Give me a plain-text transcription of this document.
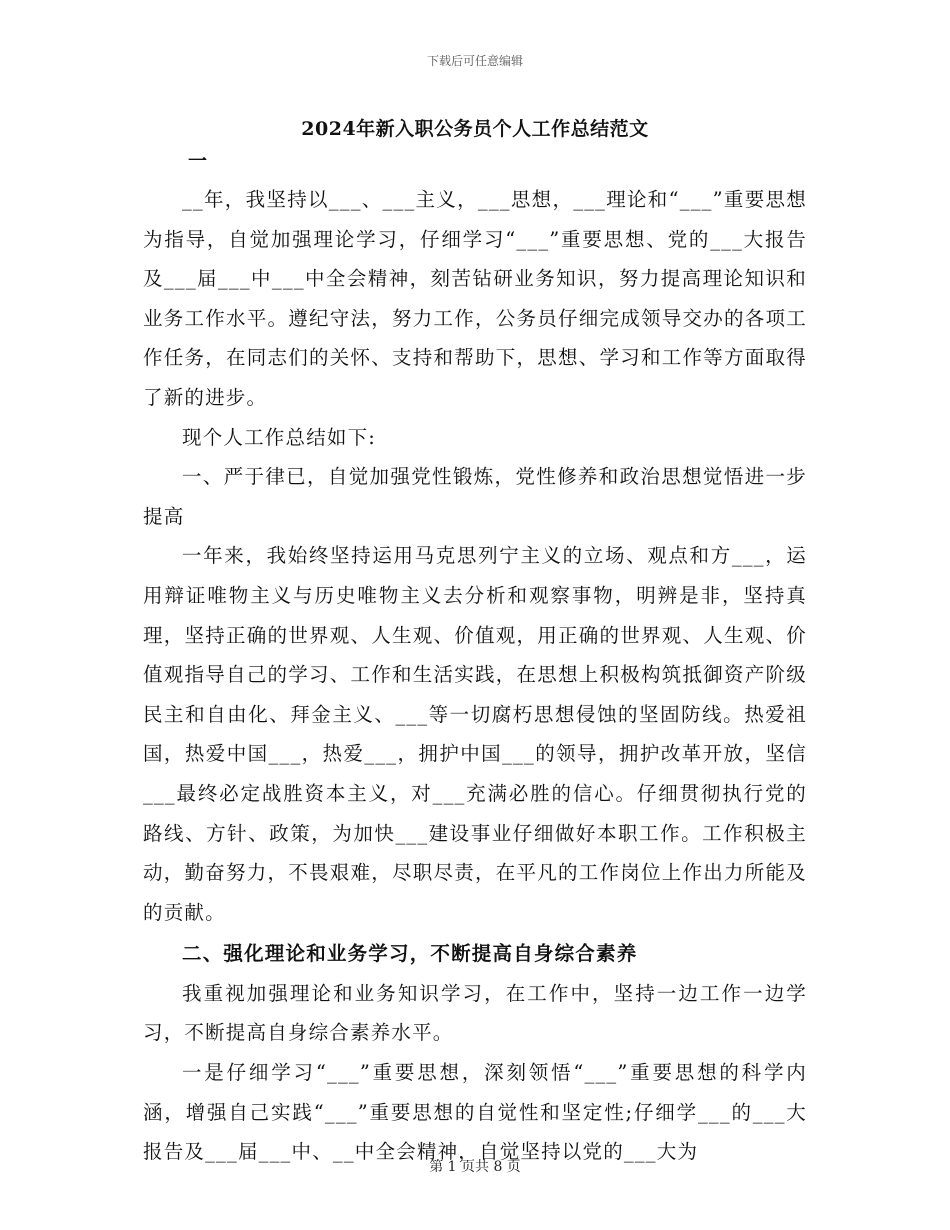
下载后可任意编辑
2024年新入职公务员个人工作总结范文
一

__年，我坚持以___、___主义，___思想，___理论和“___”重要思想为指导，自觉加强理论学习，仔细学习“___”重要思想、党的___大报告及___届___中___中全会精神，刻苦钻研业务知识，努力提高理论知识和业务工作水平。遵纪守法，努力工作，公务员仔细完成领导交办的各项工作任务，在同志们的关怀、支持和帮助下，思想、学习和工作等方面取得了新的进步。

现个人工作总结如下:

一、严于律已，自觉加强党性锻炼，党性修养和政治思想觉悟进一步提高

一年来，我始终坚持运用马克思列宁主义的立场、观点和方___，运用辩证唯物主义与历史唯物主义去分析和观察事物，明辨是非，坚持真理，坚持正确的世界观、人生观、价值观，用正确的世界观、人生观、价值观指导自己的学习、工作和生活实践，在思想上积极构筑抵御资产阶级民主和自由化、拜金主义、___等一切腐朽思想侵蚀的坚固防线。热爱祖国，热爱中国___，热爱___，拥护中国___的领导，拥护改革开放，坚信___最终必定战胜资本主义，对___充满必胜的信心。仔细贯彻执行党的路线、方针、政策，为加快___建设事业仔细做好本职工作。工作积极主动，勤奋努力，不畏艰难，尽职尽责，在平凡的工作岗位上作出力所能及的贡献。

二、强化理论和业务学习，不断提高自身综合素养

我重视加强理论和业务知识学习，在工作中，坚持一边工作一边学习，不断提高自身综合素养水平。

一是仔细学习“___”重要思想，深刻领悟“___”重要思想的科学内涵，增强自己实践“___”重要思想的自觉性和坚定性;仔细学___的___大报告及___届___中、__中全会精神，自觉坚持以党的___大为

第 1 页共 8 页
